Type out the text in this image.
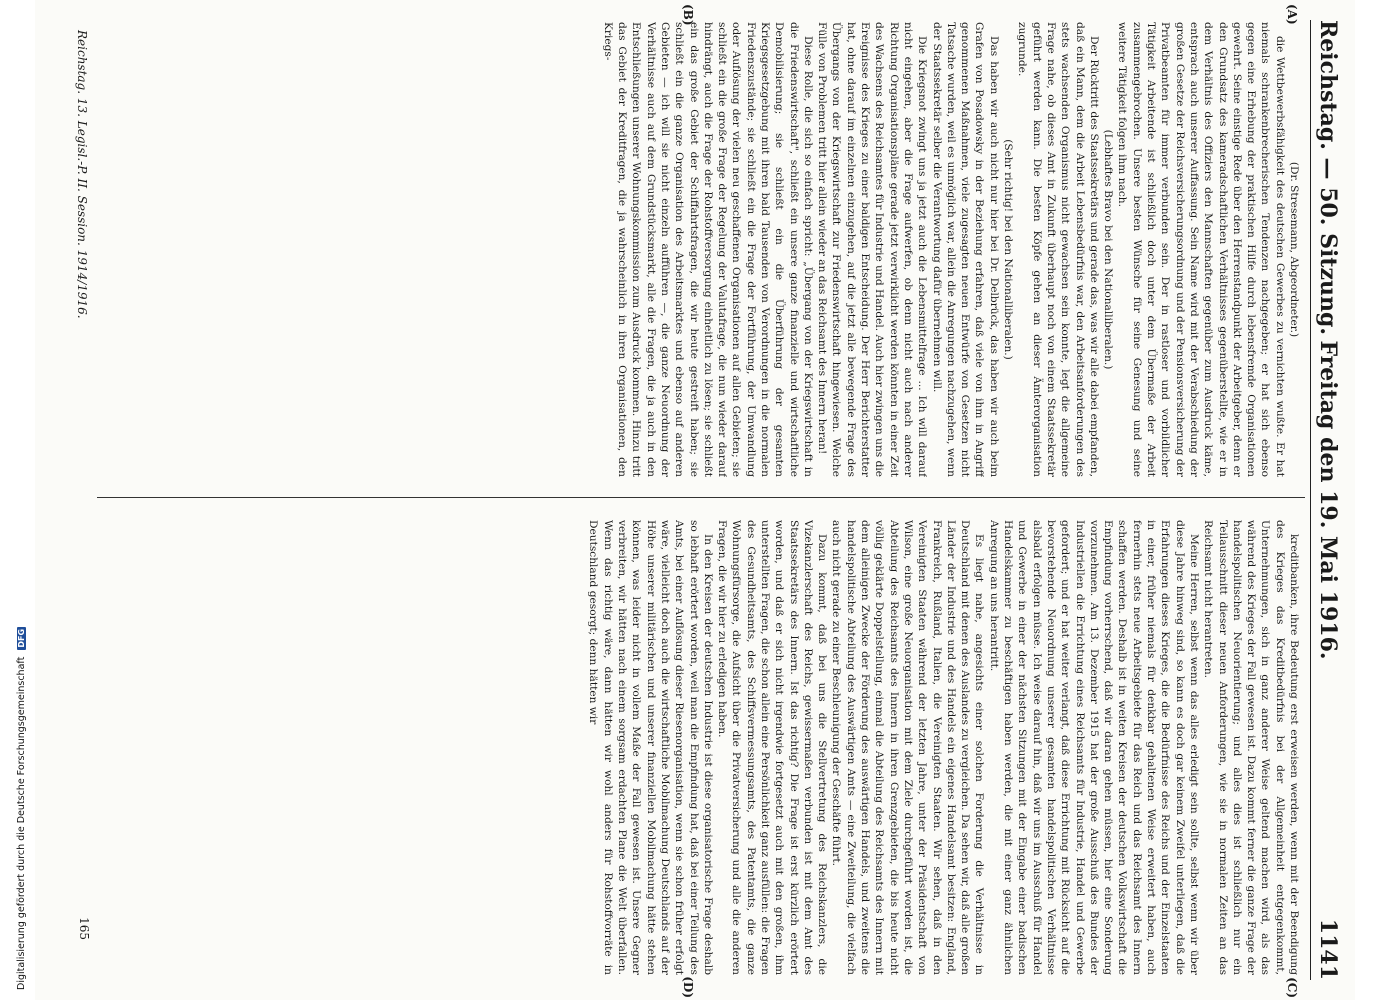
Digitalisierung gefördert durch die Deutsche Forschungsgemeinschaft DFG
Reichstag. — 50. Sitzung.
Freitag den 19. Mai 1916.
1141
(A)
(B)
(C)
(D)

(Dr. Stresemann, Abgeordneter.)

die Wettbewerbsfähigkeit des deutschen Gewerbes zu vernichten wußte. Er hat niemals schrankenbrecherischen Tendenzen nachgegeben; er hat sich ebenso gegen eine Erhebung der praktischen Hilfe durch lebensfremde Organisationen gewehrt. Seine einstige Rede über den Herrenstandpunkt der Arbeitgeber, denn er den Grundsatz des kameradschaftlichen Verhältnisses gegenüberstellte, wie er in dem Verhältnis des Offiziers den Mannschaften gegenüber zum Ausdruck käme, entsprach auch unserer Auffassung. Sein Name wird mit der Verabschiedung der großen Gesetze der Reichsversicherungsordnung und der Pensionsversicherung der Privatbeamten für immer verbunden sein. Der in rastloser und vorbildlicher Tätigkeit Arbeitende ist schließlich doch unter dem Übermaße der Arbeit zusammengebrochen. Unsere besten Wünsche für seine Genesung und seine weitere Tätigkeit folgen ihm nach.

(Lebhaftes Bravo bei den Nationalliberalen.)

Der Rücktritt des Staatssekretärs und gerade das, was wir alle dabei empfanden, daß ein Mann, dem die Arbeit Lebensbedürfnis war, den Arbeitsanforderungen des stets wachsenden Organismus nicht gewachsen sein konnte, legt die allgemeine Frage nahe, ob dieses Amt in Zukunft überhaupt noch von einem Staatssekretär geführt werden kann. Die besten Köpfe gehen an dieser Ämterorganisation zugrunde.

(Sehr richtig! bei den Nationalliberalen.)

Das haben wir auch nicht nur hier bei Dr. Delbrück, das haben wir auch beim Grafen von Posadowsky in der Beziehung erfahren, daß viele von ihm in Angriff genommenen Maßnahmen, viele zugesagten neuen Entwürfe von Gesetzen nicht Tatsache wurden, weil es unmöglich war, allein die Anregungen nachzugehen, wenn der Staatssekretär selber die Verantwortung dafür übernehmen will.

Die Kriegsnot zwingt uns ja jetzt auch die Lebensmittelfrage ... Ich will darauf nicht eingehen, aber die Frage aufwerfen, ob denn nicht auch nach anderer Richtung Organisationspläne gerade jetzt verwirklicht werden könnten in einer Zeit des Wachsens des Reichsamtes für Industrie und Handel. Auch hier zwingen uns die Ereignisse des Krieges zu einer baldigen Entscheidung. Der Herr Berichterstatter hat, ohne darauf im einzelnen einzugehen, auf die jetzt alle bewegende Frage des Übergangs von der Kriegswirtschaft zur Friedenswirtschaft hingewiesen. Welche Fülle von Problemen tritt hier allein wieder an das Reichsamt des Innern heran!

Diese Rolle, die sich so einfach spricht: „Übergang von der Kriegswirtschaft in die Friedenswirtschaft", schließt ein unsere ganze finanzielle und wirtschaftliche Demobilisierung; sie schließt ein die Überführung der gesamten Kriegsgesetzgebung mit ihren bald Tausenden von Verordnungen in die normalen Friedenszustände; sie schließt ein die Frage der Fortführung, der Umwandlung oder Auflösung der vielen neu geschaffenen Organisationen auf allen Gebieten; sie schließt ein die große Frage der Regelung der Valutafrage, die nun wieder darauf hindrängt, auch die Frage der Rohstoffversorgung einheitlich zu lösen; sie schließt ein das große Gebiet der Schiffahrtsfragen, die wir heute gestreift haben; sie schließt ein die ganze Organisation des Arbeitsmarktes und ebenso auf anderen Gebieten — ich will sie nicht einzeln aufführen —, die ganze Neuordnung der Verhältnisse auch auf dem Grundstücksmarkt, alle die Fragen, die ja auch in den Entschließungen unserer Wohnungskommission zum Ausdruck kommen. Hinzu tritt das Gebiet der Kreditfragen, die ja wahrscheinlich in ihren Organisationen, den Kriegs-

kreditbanken, ihre Bedeutung erst erweisen werden, wenn mit der Beendigung des Krieges das Kreditbedürfnis bei der Allgemeinheit entgegenkommt, Unternehmungen, sich in ganz anderer Weise geltend machen wird, als das während des Krieges der Fall gewesen ist. Dazu kommt ferner die ganze Frage der handelspolitischen Neuorientierung; und alles dies ist schließlich nur ein Teilausschnitt dieser neuen Anforderungen, wie sie in normalen Zeiten an das Reichsamt nicht herantreten.

Meine Herren, selbst wenn das alles erledigt sein sollte, selbst wenn wir über diese Jahre hinweg sind, so kann es doch gar keinem Zweifel unterliegen, daß die Erfahrungen dieses Krieges, die die Bedürfnisse des Reichs und der Einzelstaaten in einer, früher niemals für denkbar gehaltenen Weise erweitert haben, auch fernerhin stets neue Arbeitsgebiete für das Reich und das Reichsamt des Innern schaffen werden. Deshalb ist in weiten Kreisen der deutschen Volkswirtschaft die Empfindung vorherrschend, daß wir daran gehen müssen, hier eine Sonderung vorzunehmen. Am 13. Dezember 1915 hat der große Ausschuß des Bundes der Industriellen die Errichtung eines Reichsamts für Industrie, Handel und Gewerbe gefordert; und er hat weiter verlangt, daß diese Errichtung mit Rücksicht auf die bevorstehende Neuordnung unserer gesamten handelspolitischen Verhältnisse alsbald erfolgen müsse. Ich weise darauf hin, daß wir uns im Ausschuß für Handel und Gewerbe in einer der nächsten Sitzungen mit der Eingabe einer badischen Handelskammer zu beschäftigen haben werden, die mit einer ganz ähnlichen Anregung an uns herantritt.

Es liegt nahe, angesichts einer solchen Forderung die Verhältnisse in Deutschland mit denen des Auslandes zu vergleichen. Da sehen wir, daß alle großen Länder der Industrie und des Handels ein eigenes Handelsamt besitzen: England, Frankreich, Rußland, Italien, die Vereinigten Staaten. Wir sehen, daß in den Vereinigten Staaten während der letzten Jahre, unter der Präsidentschaft von Wilson, eine große Neuorganisation mit dem Ziele durchgeführt worden ist, die Abteilung des Reichsamts des Innern in ihren Grenzgebieten, die bis heute nicht völlig geklärte Doppelstellung, einmal die Abteilung des Reichsamts des Innern mit dem alleinigen Zwecke der Förderung des auswärtigen Handels, und zweitens die handelspolitische Abteilung des Auswärtigen Amts — eine Zweiteilung, die vielfach auch nicht gerade zu einer Beschleunigung der Geschäfte führt.

Dazu kommt, daß bei uns die Stellvertretung des Reichskanzlers, die Vizekanzlerschaft des Reichs, gewissermaßen verbunden ist mit dem Amt des Staatssekretärs des Innern. Ist das richtig? Die Frage ist erst kürzlich erörtert worden, und daß er sich nicht irgendwie fortgesetzt auch mit den großen, ihm unterstellten Fragen, die schon allein eine Persönlichkeit ganz ausfüllen: die Fragen des Gesundheitsamts, des Schiffsvermessungsamts, des Patentamts, die ganze Wohnungsfürsorge, die Aufsicht über die Privatversicherung und alle die anderen Fragen, die wir hier zu erledigen haben.

In den Kreisen der deutschen Industrie ist diese organisatorische Frage deshalb so lebhaft erörtert worden, weil man die Empfindung hat, daß bei einer Teilung des Amts, bei einer Auflösung dieser Riesenorganisation, wenn sie schon früher erfolgt wäre, vielleicht doch auch die wirtschaftliche Mobilmachung Deutschlands auf der Höhe unserer militärischen und unserer finanziellen Mobilmachung hätte stehen können, was leider nicht in vollem Maße der Fall gewesen ist. Unsere Gegner verbreiten, wir hätten nach einem sorgsam erdachten Plane die Welt überfallen. Wenn das richtig wäre, dann hätten wir wohl anders für Rohstoffvorräte in Deutschland gesorgt; denn hätten wir

Reichstag. 13. Legisl.-P. II. Session. 1914/1916.
165
